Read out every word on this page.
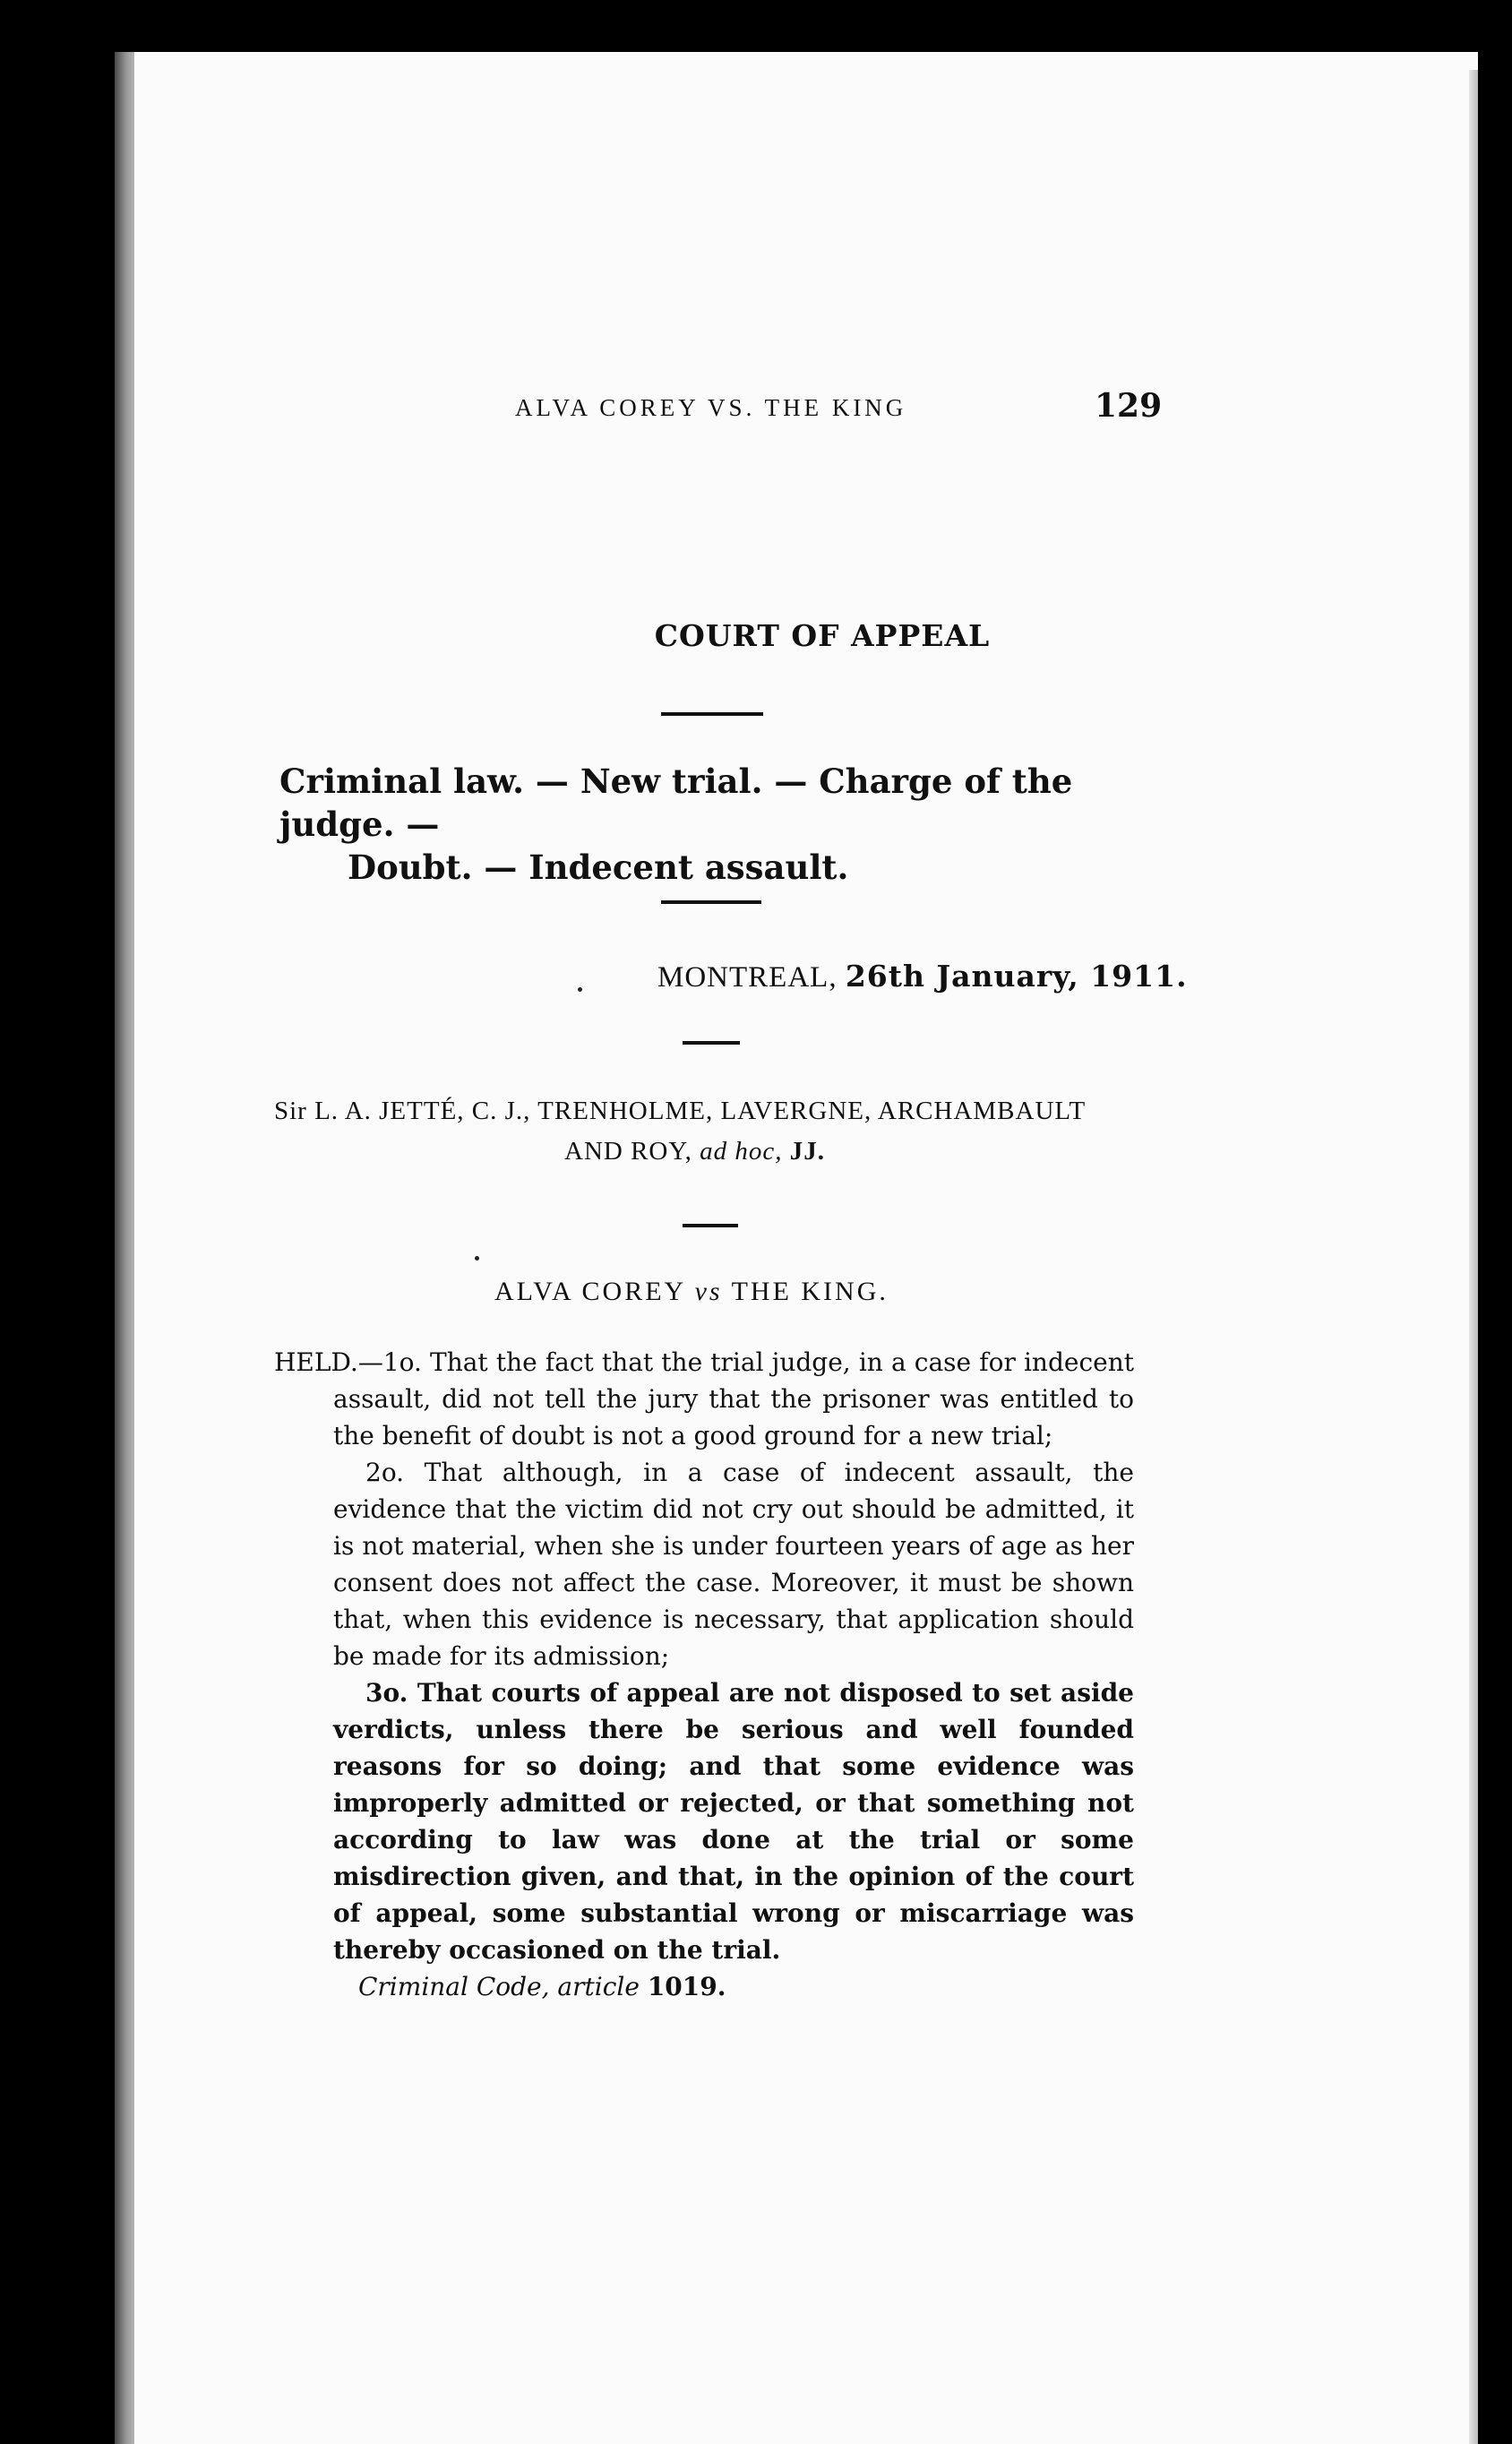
ALVA COREY VS. THE KING	129
COURT OF APPEAL
Criminal law. — New trial. — Charge of the judge. —
Doubt. — Indecent assault.
MONTREAL, 26th January, 1911.
Sir L. A. JETTÉ, C. J., TRENHOLME, LAVERGNE, ARCHAMBAULT
AND ROY, ad hoc, JJ.
ALVA COREY vs THE KING.

HELD.—1o. That the fact that the trial judge, in a case for indecent assault, did not tell the jury that the prisoner was entitled to the benefit of doubt is not a good ground for a new trial;

2o. That although, in a case of indecent assault, the evidence that the victim did not cry out should be admitted, it is not material, when she is under fourteen years of age as her consent does not affect the case. Moreover, it must be shown that, when this evidence is necessary, that application should be made for its admission;

3o. That courts of appeal are not disposed to set aside verdicts, unless there be serious and well founded reasons for so doing; and that some evidence was improperly admitted or rejected, or that something not according to law was done at the trial or some misdirection given, and that, in the opinion of the court of appeal, some substantial wrong or miscarriage was thereby occasioned on the trial.

Criminal Code, article 1019.
